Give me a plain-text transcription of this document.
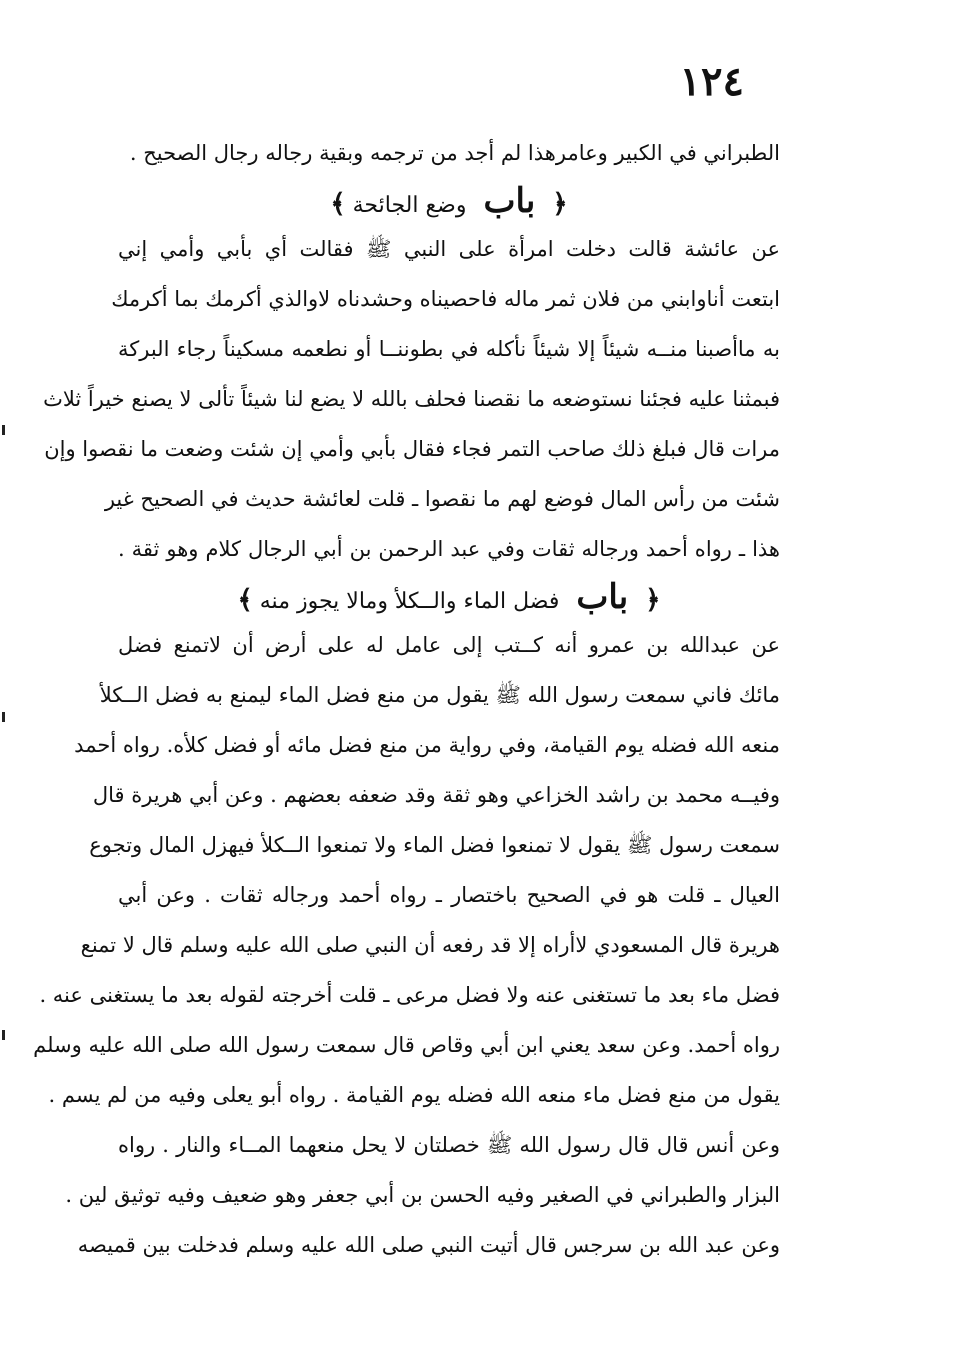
١٢٤
الطبراني في الكبير وعامرهذا لم أجد من ترجمه وبقية رجاله رجال الصحيح .
﴿ باب وضع الجائحة ﴾
عن عائشة قالت دخلت امرأة على النبي ﷺ فقالت أي بأبي وأمي إني
ابتعت أناوابني من فلان ثمر ماله فاحصيناه وحشدناه لاوالذي أكرمك بما أكرمك
به ماأصبنا منــه شيئاً إلا شيئاً نأكله في بطوننــا أو نطعمه مسكيناً رجاء البركة
فبمثنا عليه فجئنا نستوضعه ما نقصنا فحلف بالله لا يضع لنا شيئاً تألى لا يصنع خيراً ثلاث
مرات قال فبلغ ذلك صاحب التمر فجاء فقال بأبي وأمي إن شئت وضعت ما نقصوا وإن
شئت من رأس المال فوضع لهم ما نقصوا ـ قلت لعائشة حديث في الصحيح غير
هذا ـ رواه أحمد ورجاله ثقات وفي عبد الرحمن بن أبي الرجال كلام وهو ثقة .
﴿ باب فضل الماء والــكلأ ومالا يجوز منه ﴾
عن عبدالله بن عمرو أنه كــتب إلى عامل له على أرض أن لاتمنع فضل
مائك فاني سمعت رسول الله ﷺ يقول من منع فضل الماء ليمنع به فضل الــكلأ
منعه الله فضله يوم القيامة، وفي رواية من منع فضل مائه أو فضل كلأه. رواه أحمد
وفيــه محمد بن راشد الخزاعي وهو ثقة وقد ضعفه بعضهم . وعن أبي هريرة قال
سمعت رسول ﷺ يقول لا تمنعوا فضل الماء ولا تمنعوا الــكلأ فيهزل المال وتجوع
العيال ـ قلت هو في الصحيح باختصار ـ رواه أحمد ورجاله ثقات . وعن أبي
هريرة قال المسعودي لاأراه إلا قد رفعه أن النبي صلى الله عليه وسلم قال لا تمنع
فضل ماء بعد ما تستغنى عنه ولا فضل مرعى ـ قلت أخرجته لقوله بعد ما يستغنى عنه .
رواه أحمد. وعن سعد يعني ابن أبي وقاص قال سمعت رسول الله صلى الله عليه وسلم
يقول من منع فضل ماء منعه الله فضله يوم القيامة . رواه أبو يعلى وفيه من لم يسم .
وعن أنس قال قال رسول الله ﷺ خصلتان لا يحل منعهما المــاء والنار . رواه
البزار والطبراني في الصغير وفيه الحسن بن أبي جعفر وهو ضعيف وفيه توثيق لين .
وعن عبد الله بن سرجس قال أتيت النبي صلى الله عليه وسلم فدخلت بين قميصه
